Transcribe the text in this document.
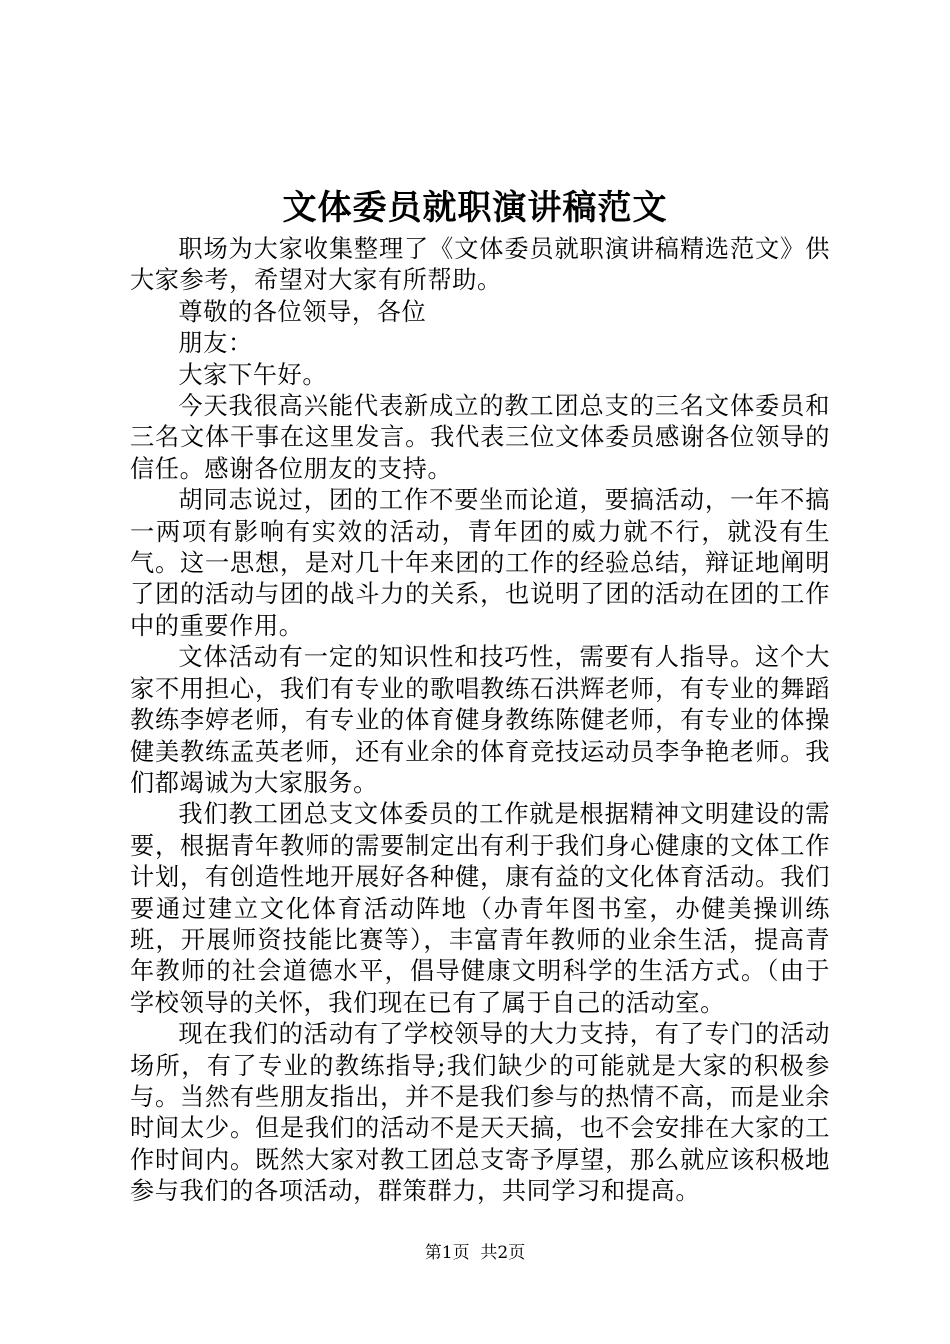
文体委员就职演讲稿范文

职场为大家收集整理了《文体委员就职演讲稿精选范文》供大家参考，希望对大家有所帮助。

尊敬的各位领导，各位

朋友：

大家下午好。

今天我很高兴能代表新成立的教工团总支的三名文体委员和三名文体干事在这里发言。我代表三位文体委员感谢各位领导的信任。感谢各位朋友的支持。

胡同志说过，团的工作不要坐而论道，要搞活动，一年不搞一两项有影响有实效的活动，青年团的威力就不行，就没有生气。这一思想，是对几十年来团的工作的经验总结，辩证地阐明了团的活动与团的战斗力的关系，也说明了团的活动在团的工作中的重要作用。

文体活动有一定的知识性和技巧性，需要有人指导。这个大家不用担心，我们有专业的歌唱教练石洪辉老师，有专业的舞蹈教练李婷老师，有专业的体育健身教练陈健老师，有专业的体操健美教练孟英老师，还有业余的体育竞技运动员李争艳老师。我们都竭诚为大家服务。

我们教工团总支文体委员的工作就是根据精神文明建设的需要，根据青年教师的需要制定出有利于我们身心健康的文体工作计划，有创造性地开展好各种健，康有益的文化体育活动。我们要通过建立文化体育活动阵地（办青年图书室，办健美操训练班，开展师资技能比赛等），丰富青年教师的业余生活，提高青年教师的社会道德水平，倡导健康文明科学的生活方式。（由于学校领导的关怀，我们现在已有了属于自己的活动室。

现在我们的活动有了学校领导的大力支持，有了专门的活动场所，有了专业的教练指导;我们缺少的可能就是大家的积极参与。当然有些朋友指出，并不是我们参与的热情不高，而是业余时间太少。但是我们的活动不是天天搞，也不会安排在大家的工作时间内。既然大家对教工团总支寄予厚望，那么就应该积极地参与我们的各项活动，群策群力，共同学习和提高。

第1页  共2页
